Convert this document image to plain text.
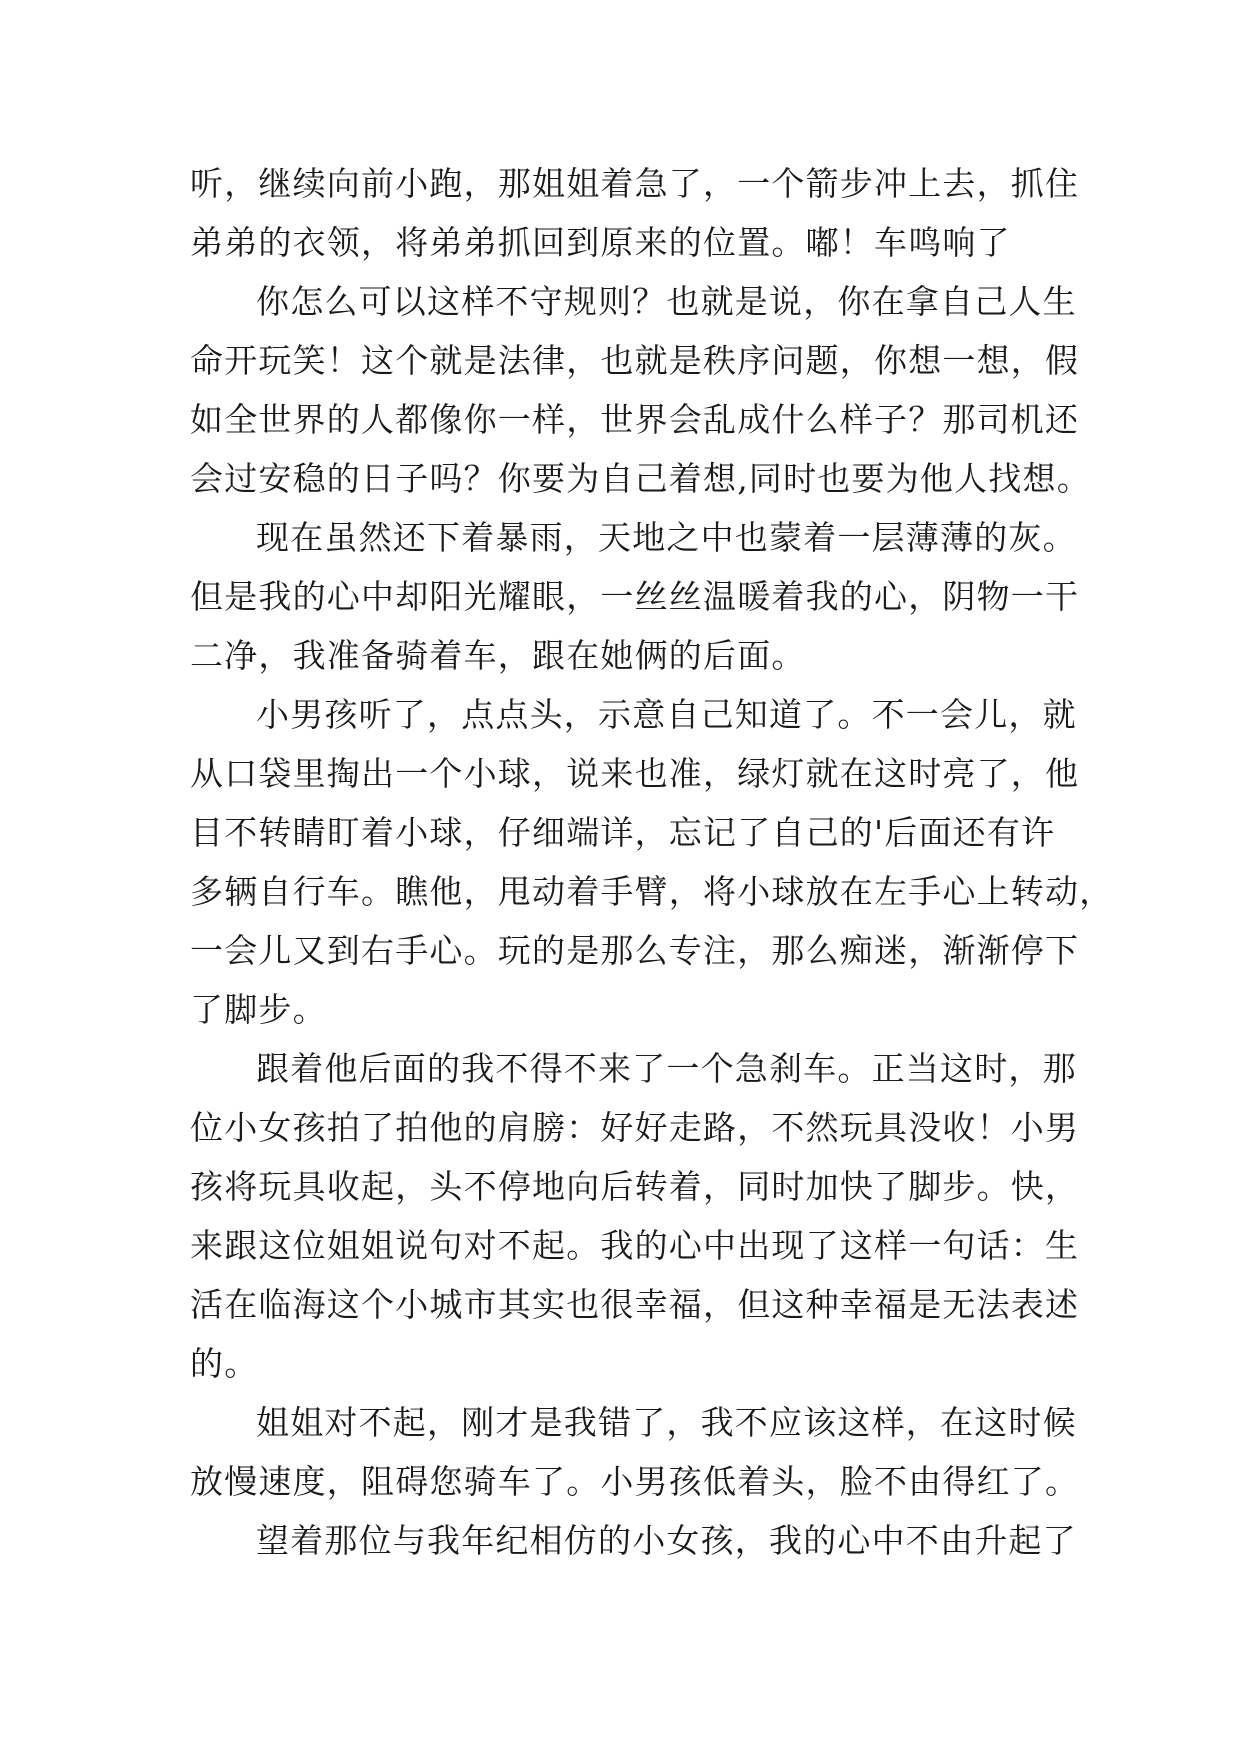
听，继续向前小跑，那姐姐着急了，一个箭步冲上去，抓住
弟弟的衣领，将弟弟抓回到原来的位置。嘟！车鸣响了
你怎么可以这样不守规则？也就是说，你在拿自己人生
命开玩笑！这个就是法律，也就是秩序问题，你想一想，假
如全世界的人都像你一样，世界会乱成什么样子？那司机还
会过安稳的日子吗？你要为自己着想,同时也要为他人找想。
现在虽然还下着暴雨，天地之中也蒙着一层薄薄的灰。
但是我的心中却阳光耀眼，一丝丝温暖着我的心，阴物一干
二净，我准备骑着车，跟在她俩的后面。
小男孩听了，点点头，示意自己知道了。不一会儿，就
从口袋里掏出一个小球，说来也准，绿灯就在这时亮了，他
目不转睛盯着小球，仔细端详，忘记了自己的'后面还有许
多辆自行车。瞧他，甩动着手臂，将小球放在左手心上转动，
一会儿又到右手心。玩的是那么专注，那么痴迷，渐渐停下
了脚步。
跟着他后面的我不得不来了一个急刹车。正当这时，那
位小女孩拍了拍他的肩膀：好好走路，不然玩具没收！小男
孩将玩具收起，头不停地向后转着，同时加快了脚步。快，
来跟这位姐姐说句对不起。我的心中出现了这样一句话：生
活在临海这个小城市其实也很幸福，但这种幸福是无法表述
的。
姐姐对不起，刚才是我错了，我不应该这样，在这时候
放慢速度，阻碍您骑车了。小男孩低着头，脸不由得红了。
望着那位与我年纪相仿的小女孩，我的心中不由升起了
